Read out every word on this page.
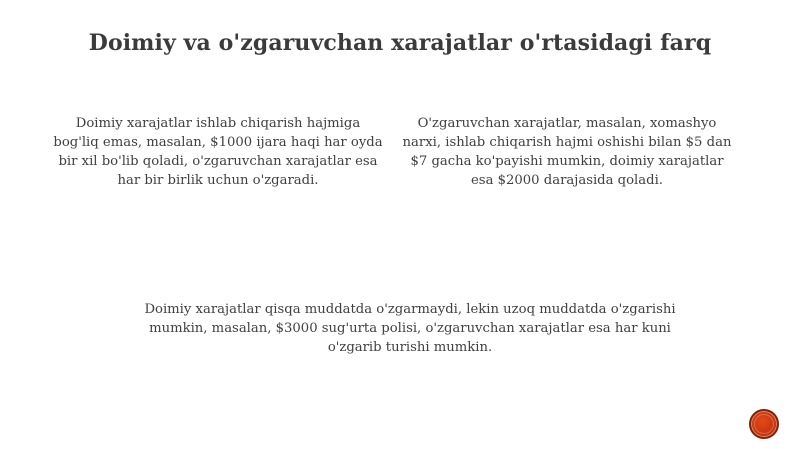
Doimiy va o'zgaruvchan xarajatlar o'rtasidagi farq

Doimiy xarajatlar ishlab chiqarish hajmiga bog'liq emas, masalan, $1000 ijara haqi har oyda bir xil bo'lib qoladi, o'zgaruvchan xarajatlar esa har bir birlik uchun o'zgaradi.

O'zgaruvchan xarajatlar, masalan, xomashyo narxi, ishlab chiqarish hajmi oshishi bilan $5 dan $7 gacha ko'payishi mumkin, doimiy xarajatlar esa $2000 darajasida qoladi.

Doimiy xarajatlar qisqa muddatda o'zgarmaydi, lekin uzoq muddatda o'zgarishi mumkin, masalan, $3000 sug'urta polisi, o'zgaruvchan xarajatlar esa har kuni o'zgarib turishi mumkin.
